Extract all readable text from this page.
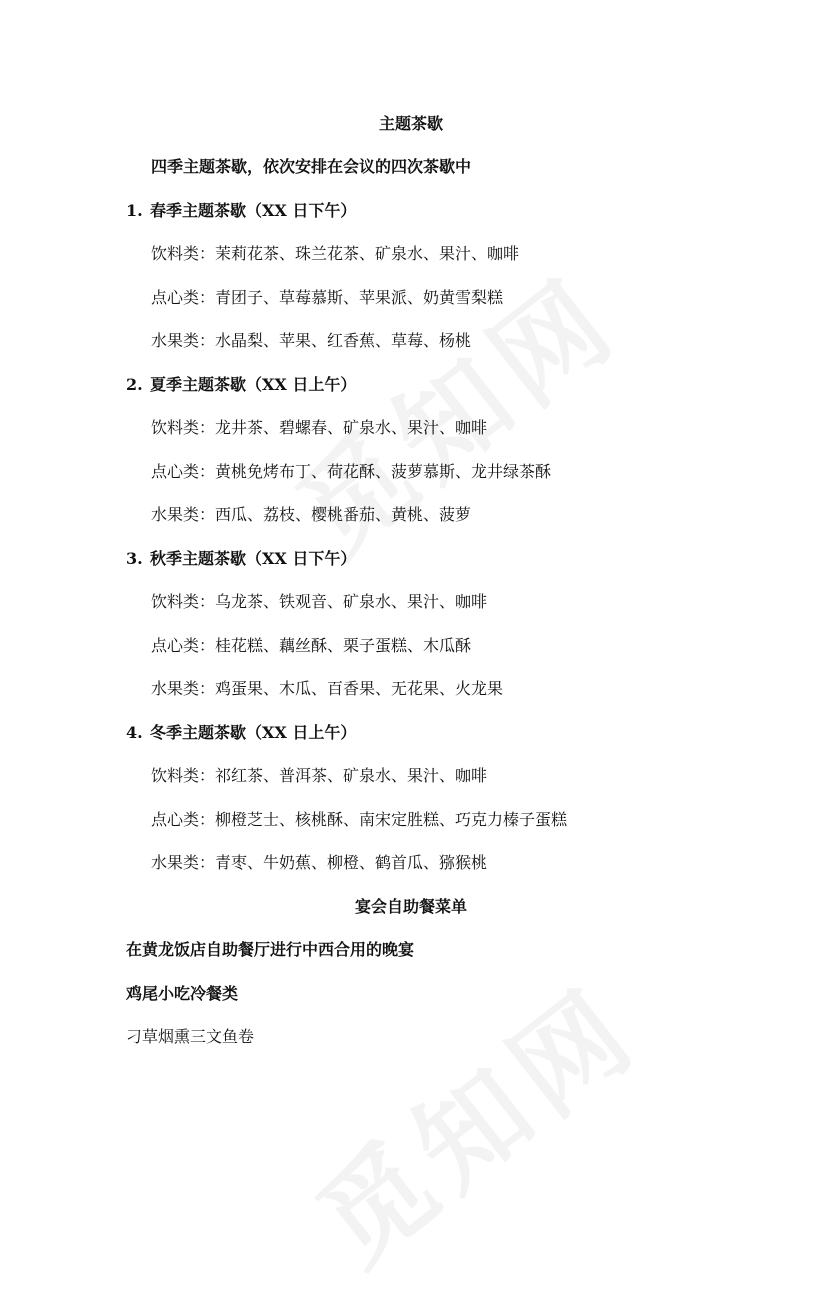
主题茶歇
四季主题茶歇，依次安排在会议的四次茶歇中
1. 春季主题茶歇（XX 日下午）
饮料类：茉莉花茶、珠兰花茶、矿泉水、果汁、咖啡
点心类：青团子、草莓慕斯、苹果派、奶黄雪梨糕
水果类：水晶梨、苹果、红香蕉、草莓、杨桃
2. 夏季主题茶歇（XX 日上午）
饮料类：龙井茶、碧螺春、矿泉水、果汁、咖啡
点心类：黄桃免烤布丁、荷花酥、菠萝慕斯、龙井绿茶酥
水果类：西瓜、荔枝、樱桃番茄、黄桃、菠萝
3. 秋季主题茶歇（XX 日下午）
饮料类：乌龙茶、铁观音、矿泉水、果汁、咖啡
点心类：桂花糕、藕丝酥、栗子蛋糕、木瓜酥
水果类：鸡蛋果、木瓜、百香果、无花果、火龙果
4. 冬季主题茶歇（XX 日上午）
饮料类：祁红茶、普洱茶、矿泉水、果汁、咖啡
点心类：柳橙芝士、核桃酥、南宋定胜糕、巧克力榛子蛋糕
水果类：青枣、牛奶蕉、柳橙、鹤首瓜、猕猴桃
宴会自助餐菜单
在黄龙饭店自助餐厅进行中西合用的晚宴
鸡尾小吃冷餐类
刁草烟熏三文鱼卷
